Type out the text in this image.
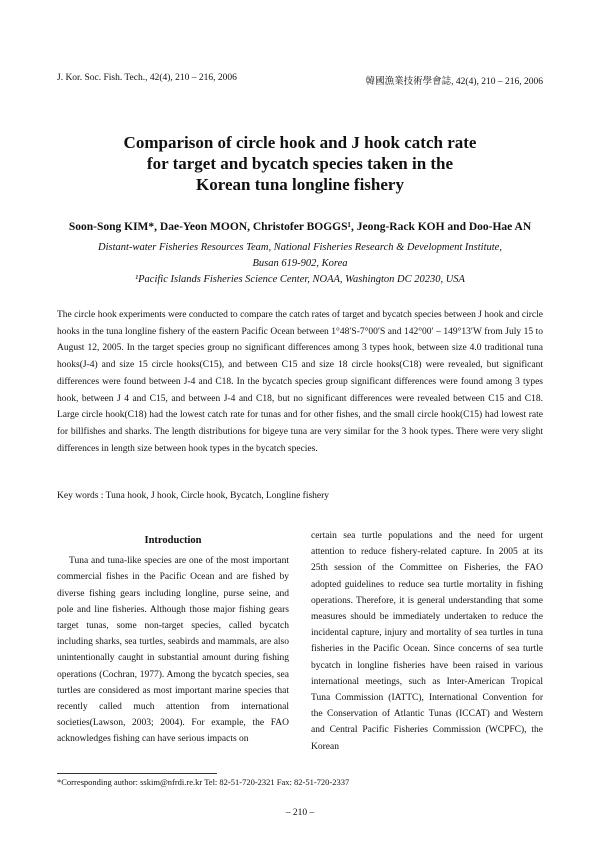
J. Kor. Soc. Fish. Tech., 42(4), 210 – 216, 2006	韓國漁業技術學會誌, 42(4), 210 – 216, 2006
Comparison of circle hook and J hook catch rate
for target and bycatch species taken in the
Korean tuna longline fishery
Soon-Song KIM*, Dae-Yeon MOON, Christofer BOGGS¹, Jeong-Rack KOH and Doo-Hae AN
Distant-water Fisheries Resources Team, National Fisheries Research & Development Institute,
Busan 619-902, Korea
¹Pacific Islands Fisheries Science Center, NOAA, Washington DC 20230, USA
The circle hook experiments were conducted to compare the catch rates of target and bycatch species between J hook and circle hooks in the tuna longline fishery of the eastern Pacific Ocean between 1°48′S-7°00′S and 142°00′ – 149°13′W from July 15 to August 12, 2005. In the target species group no significant differences among 3 types hook, between size 4.0 traditional tuna hooks(J-4) and size 15 circle hooks(C15), and between C15 and size 18 circle hooks(C18) were revealed, but significant differences were found between J-4 and C18. In the bycatch species group significant differences were found among 3 types hook, between J 4 and C15, and between J-4 and C18, but no significant differences were revealed between C15 and C18. Large circle hook(C18) had the lowest catch rate for tunas and for other fishes, and the small circle hook(C15) had lowest rate for billfishes and sharks. The length distributions for bigeye tuna are very similar for the 3 hook types. There were very slight differences in length size between hook types in the bycatch species.
Key words : Tuna hook, J hook, Circle hook, Bycatch, Longline fishery
Introduction

Tuna and tuna-like species are one of the most important commercial fishes in the Pacific Ocean and are fished by diverse fishing gears including longline, purse seine, and pole and line fisheries. Although those major fishing gears target tunas, some non-target species, called bycatch including sharks, sea turtles, seabirds and mammals, are also unintentionally caught in substantial amount during fishing operations (Cochran, 1977). Among the bycatch species, sea turtles are considered as most important marine species that recently called much attention from international societies(Lawson, 2003; 2004). For example, the FAO acknowledges fishing can have serious impacts on

certain sea turtle populations and the need for urgent attention to reduce fishery-related capture. In 2005 at its 25th session of the Committee on Fisheries, the FAO adopted guidelines to reduce sea turtle mortality in fishing operations. Therefore, it is general understanding that some measures should be immediately undertaken to reduce the incidental capture, injury and mortality of sea turtles in tuna fisheries in the Pacific Ocean. Since concerns of sea turtle bycatch in longline fisheries have been raised in various international meetings, such as Inter-American Tropical Tuna Commission (IATTC), International Convention for the Conservation of Atlantic Tunas (ICCAT) and Western and Central Pacific Fisheries Commission (WCPFC), the Korean

*Corresponding author: sskim@nfrdi.re.kr Tel: 82-51-720-2321 Fax: 82-51-720-2337
– 210 –
